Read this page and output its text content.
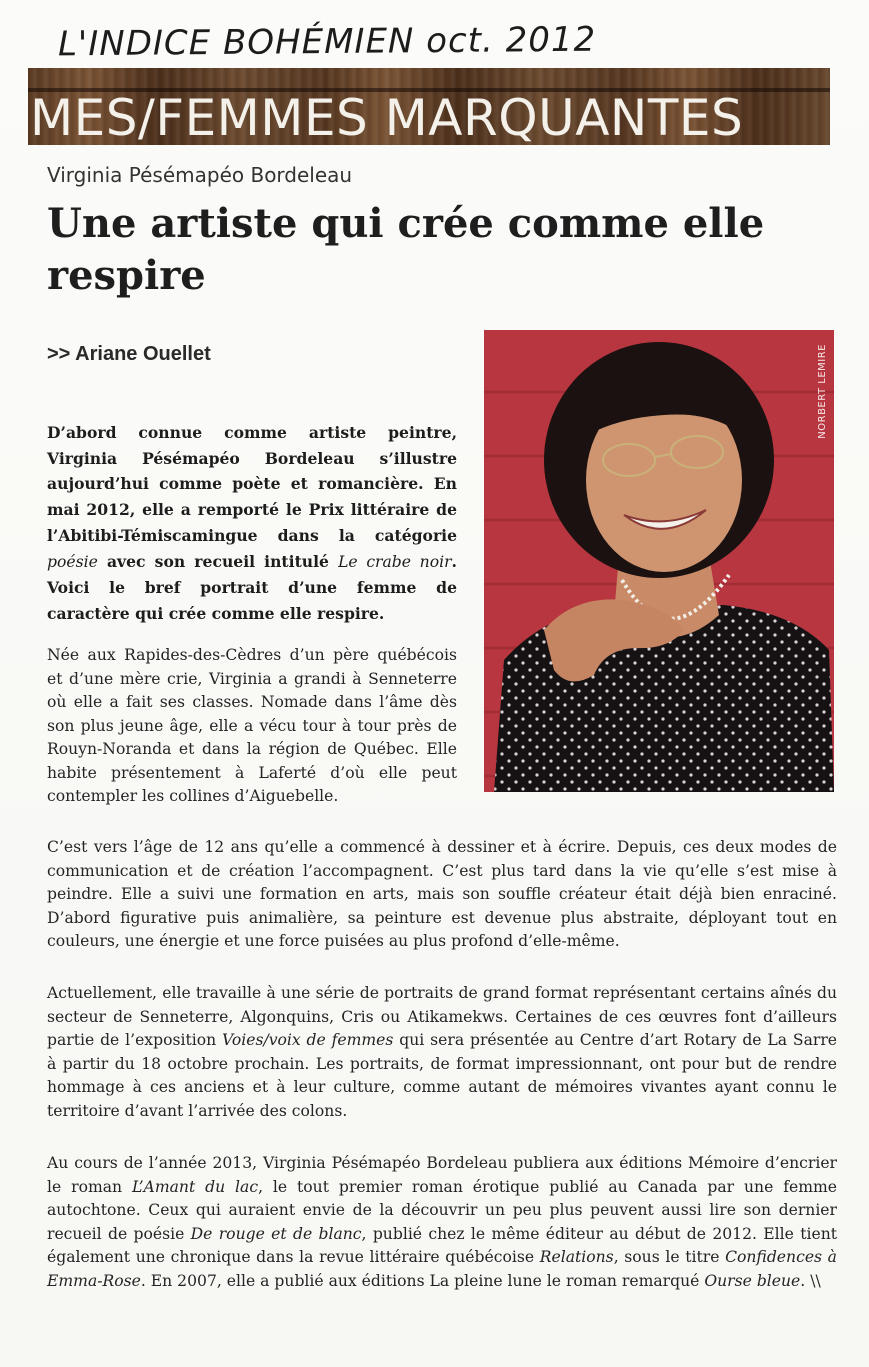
L'INDICE BOHÉMIEN oct. 2012
MES/FEMMES MARQUANTES
Virginia Pésémapéo Bordeleau
Une artiste qui crée comme elle respire
>> Ariane Ouellet	NORBERT LEMIRE
D’abord connue comme artiste peintre, Virginia Pésémapéo Bordeleau s’illustre aujourd’hui comme poète et romancière. En mai 2012, elle a remporté le Prix littéraire de l’Abitibi-Témiscamingue dans la catégorie poésie avec son recueil intitulé Le crabe noir. Voici le bref portrait d’une femme de caractère qui crée comme elle respire.
Née aux Rapides-des-Cèdres d’un père québécois et d’une mère crie, Virginia a grandi à Senneterre où elle a fait ses classes. Nomade dans l’âme dès son plus jeune âge, elle a vécu tour à tour près de Rouyn-Noranda et dans la région de Québec. Elle habite présentement à Laferté d’où elle peut contempler les collines d’Aiguebelle.
C’est vers l’âge de 12 ans qu’elle a commencé à dessiner et à écrire. Depuis, ces deux modes de communication et de création l’accompagnent. C’est plus tard dans la vie qu’elle s’est mise à peindre. Elle a suivi une formation en arts, mais son souffle créateur était déjà bien enraciné. D’abord figurative puis animalière, sa peinture est devenue plus abstraite, déployant tout en couleurs, une énergie et une force puisées au plus profond d’elle-même.
Actuellement, elle travaille à une série de portraits de grand format représentant certains aînés du secteur de Senneterre, Algonquins, Cris ou Atikamekws. Certaines de ces œuvres font d’ailleurs partie de l’exposition Voies/voix de femmes qui sera présentée au Centre d’art Rotary de La Sarre à partir du 18 octobre prochain. Les portraits, de format impressionnant, ont pour but de rendre hommage à ces anciens et à leur culture, comme autant de mémoires vivantes ayant connu le territoire d’avant l’arrivée des colons.
Au cours de l’année 2013, Virginia Pésémapéo Bordeleau publiera aux éditions Mémoire d’encrier le roman L’Amant du lac, le tout premier roman érotique publié au Canada par une femme autochtone. Ceux qui auraient envie de la découvrir un peu plus peuvent aussi lire son dernier recueil de poésie De rouge et de blanc, publié chez le même éditeur au début de 2012. Elle tient également une chronique dans la revue littéraire québécoise Relations, sous le titre Confidences à Emma-Rose. En 2007, elle a publié aux éditions La pleine lune le roman remarqué Ourse bleue. \\
